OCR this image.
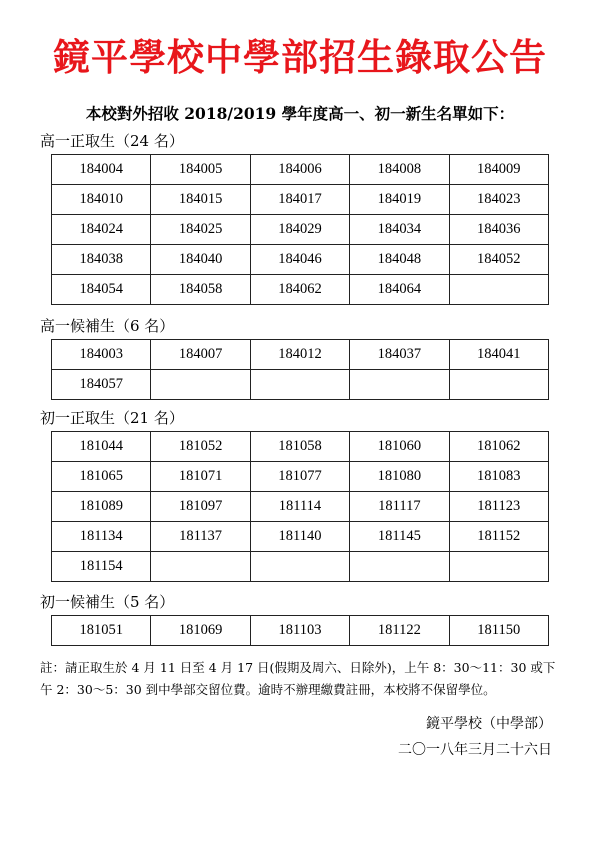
鏡平學校中學部招生錄取公告
本校對外招收 2018/2019 學年度高一、初一新生名單如下：
高一正取生（24 名）
184004	184005	184006	184008	184009
184010	184015	184017	184019	184023
184024	184025	184029	184034	184036
184038	184040	184046	184048	184052
184054	184058	184062	184064	
高一候補生（6 名）
184003	184007	184012	184037	184041
184057				
初一正取生（21 名）
181044	181052	181058	181060	181062
181065	181071	181077	181080	181083
181089	181097	181114	181117	181123
181134	181137	181140	181145	181152
181154				
初一候補生（5 名）
181051	181069	181103	181122	181150
註：請正取生於 4 月 11 日至 4 月 17 日(假期及周六、日除外)，上午 8：30～11：30 或下午 2：30～5：30 到中學部交留位費。逾時不辦理繳費註冊，本校將不保留學位。
鏡平學校（中學部）
二〇一八年三月二十六日
